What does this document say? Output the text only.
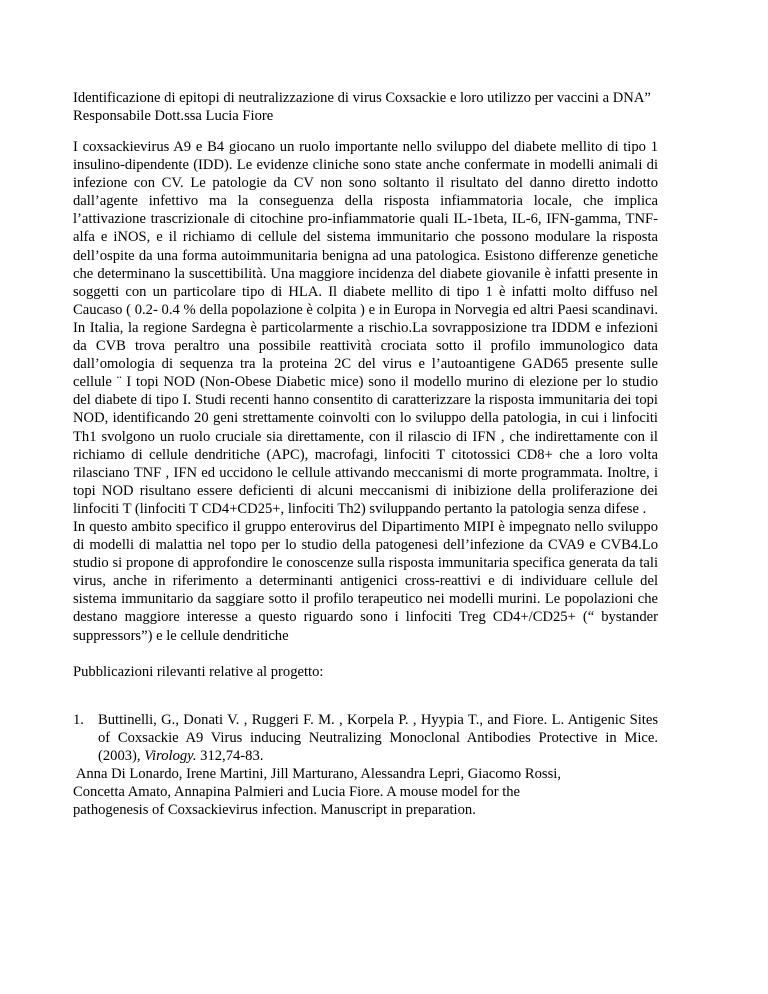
Identificazione di epitopi di neutralizzazione di virus Coxsackie e loro utilizzo per vaccini a DNA” Responsabile Dott.ssa Lucia Fiore

I coxsackievirus A9 e B4 giocano un ruolo importante nello sviluppo del diabete mellito di tipo 1 insulino-dipendente (IDD). Le evidenze cliniche sono state anche confermate in modelli animali di infezione con CV. Le patologie da CV non sono soltanto il risultato del danno diretto indotto dall’agente infettivo ma la conseguenza della risposta infiammatoria locale, che implica l’attivazione trascrizionale di citochine pro-infiammatorie quali IL-1beta, IL-6, IFN-gamma, TNF-alfa e iNOS, e il richiamo di cellule del sistema immunitario che possono modulare la risposta dell’ospite da una forma autoimmunitaria benigna ad una patologica. Esistono differenze genetiche che determinano la suscettibilità. Una maggiore incidenza del diabete giovanile è infatti presente in soggetti con un particolare tipo di HLA. Il diabete mellito di tipo 1 è infatti molto diffuso nel Caucaso ( 0.2- 0.4 % della popolazione è colpita ) e in Europa in Norvegia ed altri Paesi scandinavi. In Italia, la regione Sardegna è particolarmente a rischio.La sovrapposizione tra IDDM e infezioni da CVB trova peraltro una possibile reattività crociata sotto il profilo immunologico data dall’omologia di sequenza tra la proteina 2C del virus e l’autoantigene GAD65 presente sulle cellule ¨ I topi NOD (Non-Obese Diabetic mice) sono il modello murino di elezione per lo studio del diabete di tipo I. Studi recenti hanno consentito di caratterizzare la risposta immunitaria dei topi NOD, identificando 20 geni strettamente coinvolti con lo sviluppo della patologia, in cui i linfociti Th1 svolgono un ruolo cruciale sia direttamente, con il rilascio di IFN , che indirettamente con il richiamo di cellule dendritiche (APC), macrofagi, linfociti T citotossici CD8+ che a loro volta rilasciano TNF , IFN ed uccidono le cellule attivando meccanismi di morte programmata. Inoltre, i topi NOD risultano essere deficienti di alcuni meccanismi di inibizione della proliferazione dei linfociti T (linfociti T CD4+CD25+, linfociti Th2) sviluppando pertanto la patologia senza difese .

In questo ambito specifico il gruppo enterovirus del Dipartimento MIPI è impegnato nello sviluppo di modelli di malattia nel topo per lo studio della patogenesi dell’infezione da CVA9 e CVB4.Lo studio si propone di approfondire le conoscenze sulla risposta immunitaria specifica generata da tali virus, anche in riferimento a determinanti antigenici cross-reattivi e di individuare cellule del sistema immunitario da saggiare sotto il profilo terapeutico nei modelli murini. Le popolazioni che destano maggiore interesse a questo riguardo sono i linfociti Treg CD4+/CD25+ (“ bystander suppressors”) e le cellule dendritiche

Pubblicazioni rilevanti relative al progetto:

1. Buttinelli, G., Donati V. , Ruggeri F. M. , Korpela P. , Hyypia T., and Fiore. L. Antigenic Sites of Coxsackie A9 Virus inducing Neutralizing Monoclonal Antibodies Protective in Mice. (2003), Virology. 312,74-83.

Anna Di Lonardo, Irene Martini, Jill Marturano, Alessandra Lepri, Giacomo Rossi,

Concetta Amato, Annapina Palmieri and Lucia Fiore. A mouse model for the

pathogenesis of Coxsackievirus infection. Manuscript in preparation.
